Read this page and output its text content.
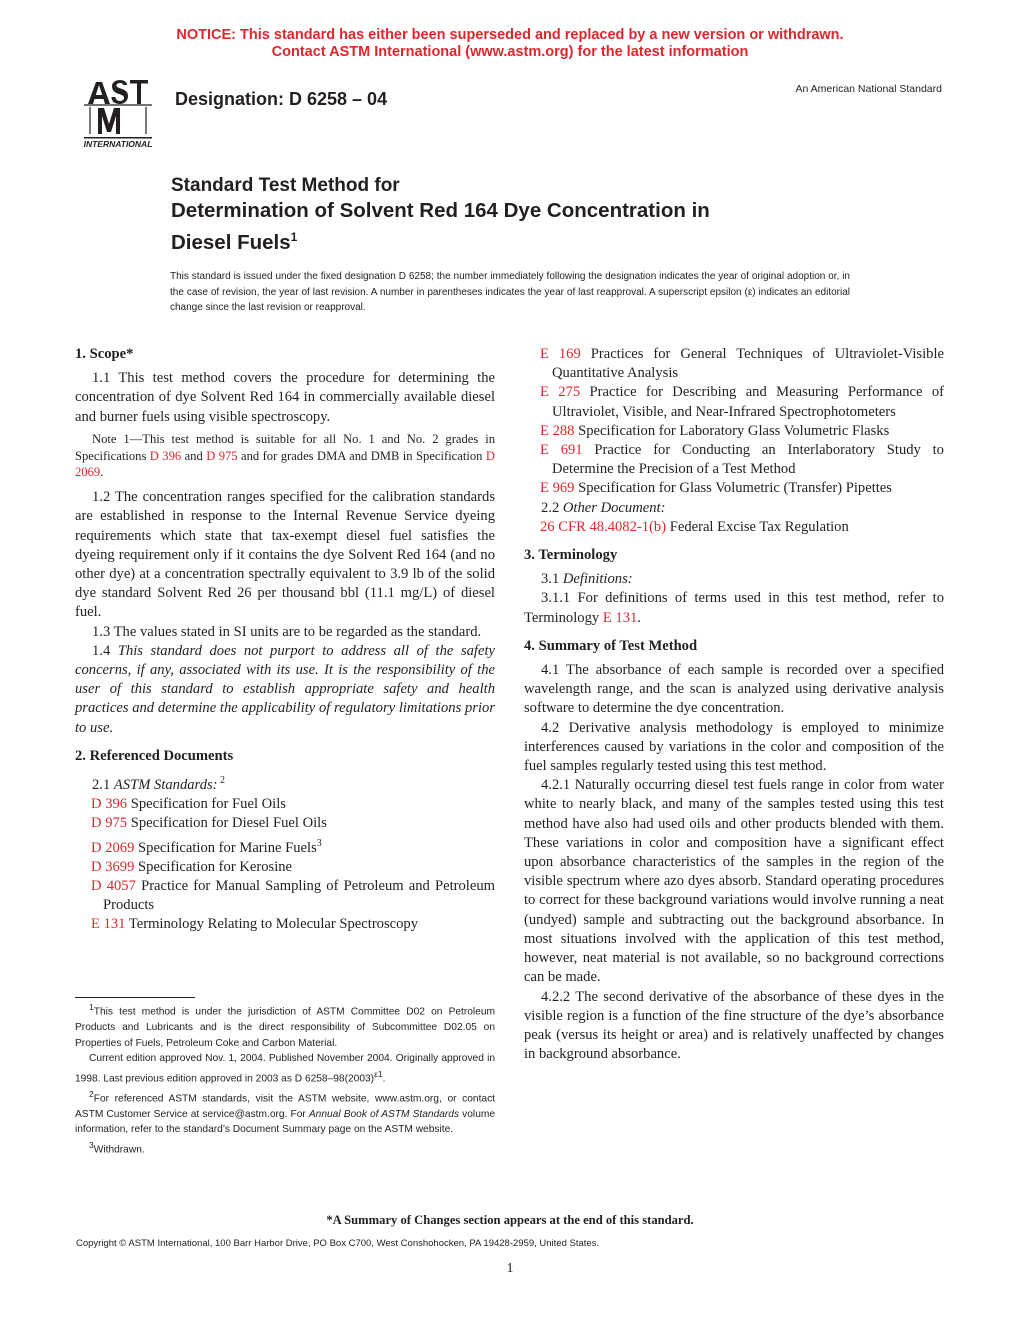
NOTICE: This standard has either been superseded and replaced by a new version or withdrawn.
Contact ASTM International (www.astm.org) for the latest information
INTERNATIONAL
Designation: D 6258 – 04	An American National Standard
Standard Test Method for
Determination of Solvent Red 164 Dye Concentration in
Diesel Fuels$^1$
This standard is issued under the fixed designation D 6258; the number immediately following the designation indicates the year of original adoption or, in the case of revision, the year of last revision. A number in parentheses indicates the year of last reapproval. A superscript epsilon (ε) indicates an editorial change since the last revision or reapproval.
1. Scope*

1.1 This test method covers the procedure for determining the concentration of dye Solvent Red 164 in commercially available diesel and burner fuels using visible spectroscopy.

Note 1—This test method is suitable for all No. 1 and No. 2 grades in Specifications D 396 and D 975 and for grades DMA and DMB in Specification D 2069.

1.2 The concentration ranges specified for the calibration standards are established in response to the Internal Revenue Service dyeing requirements which state that tax-exempt diesel fuel satisfies the dyeing requirement only if it contains the dye Solvent Red 164 (and no other dye) at a concentration spectrally equivalent to 3.9 lb of the solid dye standard Solvent Red 26 per thousand bbl (11.1 mg/L) of diesel fuel.

1.3 The values stated in SI units are to be regarded as the standard.

1.4 This standard does not purport to address all of the safety concerns, if any, associated with its use. It is the responsibility of the user of this standard to establish appropriate safety and health practices and determine the applicability of regulatory limitations prior to use.

2. Referenced Documents

2.1 ASTM Standards: $^2$

D 396 Specification for Fuel Oils

D 975 Specification for Diesel Fuel Oils

D 2069 Specification for Marine Fuels$^3$

D 3699 Specification for Kerosine

D 4057 Practice for Manual Sampling of Petroleum and Petroleum Products

E 131 Terminology Relating to Molecular Spectroscopy

E 169 Practices for General Techniques of Ultraviolet-Visible Quantitative Analysis

E 275 Practice for Describing and Measuring Performance of Ultraviolet, Visible, and Near-Infrared Spectrophotometers

E 288 Specification for Laboratory Glass Volumetric Flasks

E 691 Practice for Conducting an Interlaboratory Study to Determine the Precision of a Test Method

E 969 Specification for Glass Volumetric (Transfer) Pipettes

2.2 Other Document:

26 CFR 48.4082-1(b) Federal Excise Tax Regulation

3. Terminology

3.1 Definitions:

3.1.1 For definitions of terms used in this test method, refer to Terminology E 131.

4. Summary of Test Method

4.1 The absorbance of each sample is recorded over a specified wavelength range, and the scan is analyzed using derivative analysis software to determine the dye concentration.

4.2 Derivative analysis methodology is employed to minimize interferences caused by variations in the color and composition of the fuel samples regularly tested using this test method.

4.2.1 Naturally occurring diesel test fuels range in color from water white to nearly black, and many of the samples tested using this test method have also had used oils and other products blended with them. These variations in color and composition have a significant effect upon absorbance characteristics of the samples in the region of the visible spectrum where azo dyes absorb. Standard operating procedures to correct for these background variations would involve running a neat (undyed) sample and subtracting out the background absorbance. In most situations involved with the application of this test method, however, neat material is not available, so no background corrections can be made.

4.2.2 The second derivative of the absorbance of these dyes in the visible region is a function of the fine structure of the dye’s absorbance peak (versus its height or area) and is relatively unaffected by changes in background absorbance.

$^1$This test method is under the jurisdiction of ASTM Committee D02 on Petroleum Products and Lubricants and is the direct responsibility of Subcommittee D02.05 on Properties of Fuels, Petroleum Coke and Carbon Material.

Current edition approved Nov. 1, 2004. Published November 2004. Originally approved in 1998. Last previous edition approved in 2003 as D $6258-98(2003)^{\varepsilon 1}$.

$^2$For referenced ASTM standards, visit the ASTM website, www.astm.org, or contact ASTM Customer Service at service@astm.org. For Annual Book of ASTM Standards volume information, refer to the standard’s Document Summary page on the ASTM website.

$^3$Withdrawn.

*A Summary of Changes section appears at the end of this standard.
Copyright © ASTM International, 100 Barr Harbor Drive, PO Box C700, West Conshohocken, PA 19428-2959, United States.
1
